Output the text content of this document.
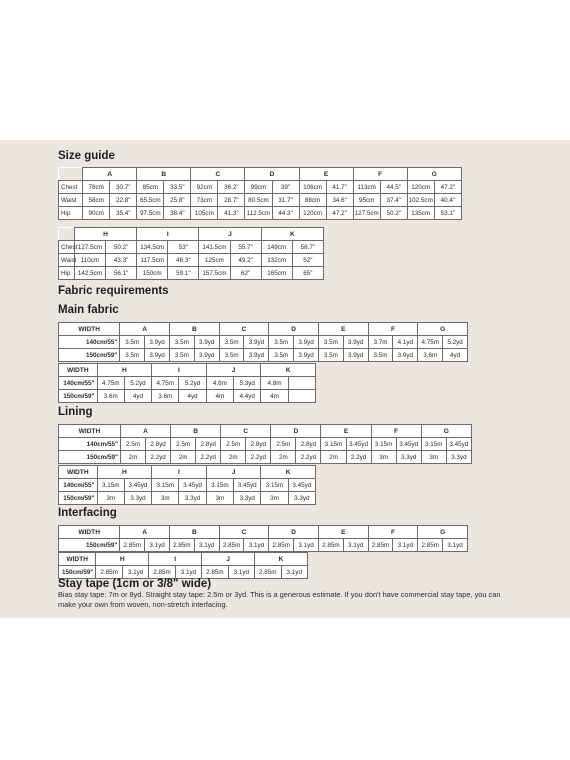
Size guide
	A		B		C		D		E		F		G	
Chest	78cm	30.7"	85cm	33.5"	92cm	36.2"	99cm	39"	106cm	41.7"	113cm	44.5"	120cm	47.2"
Waist	58cm	22.8"	65.5cm	25.8"	73cm	28.7"	80.5cm	31.7"	88cm	34.6"	95cm	37.4"	102.5cm	40.4"
Hip	90cm	35.4"	97.5cm	38.4"	105cm	41.3"	112.5cm	44.3"	120cm	47.2"	127.5cm	50.2"	135cm	53.1"
	H		I		J		K	
Chest	127.5cm	50.2"	134.5cm	53"	141.5cm	55.7"	149cm	58.7"
Waist	110cm	43.3"	117.5cm	46.3"	125cm	49.2"	132cm	52"
Hip	142.5cm	56.1"	150cm	59.1"	157.5cm	62"	165cm	65"
Fabric requirements
Main fabric
WIDTH	A		B		C		D		E		F		G	
140cm/55"	3.5m	3.9yd	3.5m	3.9yd	3.5m	3.9yd	3.5m	3.9yd	3.5m	3.9yd	3.7m	4.1yd	4.75m	5.2yd
150cm/59"	3.5m	3.9yd	3.5m	3.9yd	3.5m	3.9yd	3.5m	3.9yd	3.5m	3.9yd	3.5m	3.9yd	3.6m	4yd
WIDTH	H		I		J		K	
140cm/55"	4.75m	5.2yd	4.75m	5.2yd	4.8m	5.3yd	4.8m	
150cm/59"	3.6m	4yd	3.6m	4yd	4m	4.4yd	4m	
Lining
WIDTH	A		B		C		D		E		F		G	
140cm/55"	2.5m	2.8yd	2.5m	2.8yd	2.5m	2.8yd	2.5m	2.8yd	3.15m	3.45yd	3.15m	3.45yd	3.15m	3.45yd
150cm/59"	2m	2.2yd	2m	2.2yd	2m	2.2yd	2m	2.2yd	2m	2.2yd	3m	3.3yd	3m	3.3yd
WIDTH	H		I		J		K	
140cm/55"	3.15m	3.45yd	3.15m	3.45yd	3.15m	3.45yd	3.15m	3.45yd
150cm/59"	3m	3.3yd	3m	3.3yd	3m	3.3yd	3m	3.3yd
Interfacing
WIDTH	A		B		C		D		E		F		G	
150cm/59"	2.85m	3.1yd	2.85m	3.1yd	2.85m	3.1yd	2.85m	3.1yd	2.85m	3.1yd	2.85m	3.1yd	2.85m	3.1yd
WIDTH	H		I		J		K	
150cm/59"	2.85m	3.1yd	2.85m	3.1yd	2.85m	3.1yd	2.85m	3.1yd
Stay tape (1cm or 3/8" wide)

Bias stay tape: 7m or 8yd. Straight stay tape: 2.5m or 3yd. This is a generous estimate. If you don't have commercial stay tape, you can make your own from woven, non-stretch interfacing.
